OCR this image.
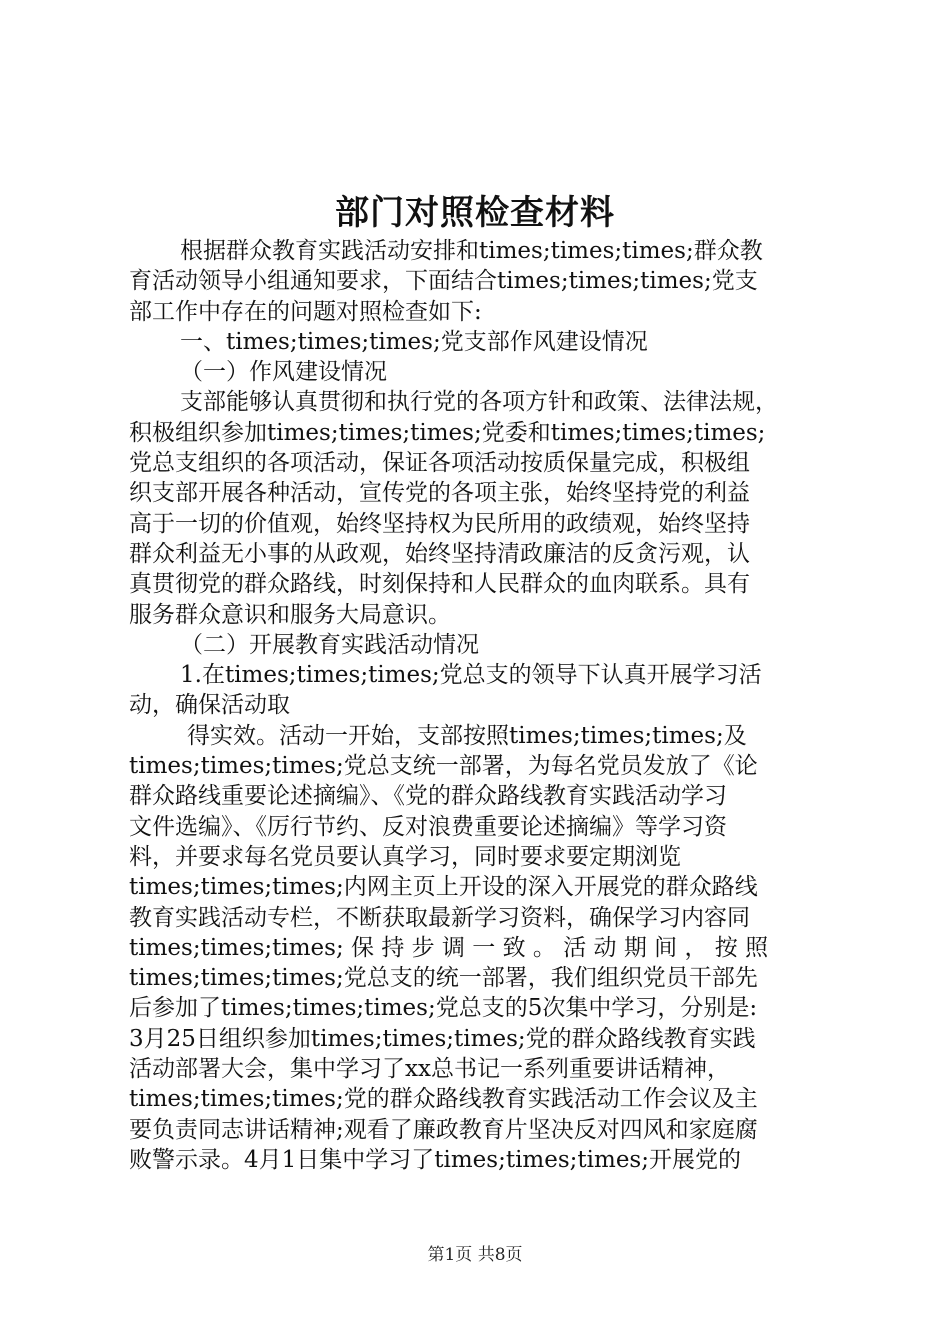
部门对照检查材料
根据群众教育实践活动安排和times;times;times;群众教
育活动领导小组通知要求，下面结合times;times;times;党支
部工作中存在的问题对照检查如下:
一、times;times;times;党支部作风建设情况
（一）作风建设情况
支部能够认真贯彻和执行党的各项方针和政策、法律法规，
积极组织参加times;times;times;党委和times;times;times;
党总支组织的各项活动，保证各项活动按质保量完成，积极组
织支部开展各种活动，宣传党的各项主张，始终坚持党的利益
高于一切的价值观，始终坚持权为民所用的政绩观，始终坚持
群众利益无小事的从政观，始终坚持清政廉洁的反贪污观，认
真贯彻党的群众路线，时刻保持和人民群众的血肉联系。具有
服务群众意识和服务大局意识。
（二）开展教育实践活动情况
1.在times;times;times;党总支的领导下认真开展学习活
动，确保活动取
得实效。活动一开始，支部按照times;times;times;及
times;times;times;党总支统一部署，为每名党员发放了《论
群众路线重要论述摘编》、《党的群众路线教育实践活动学习
文件选编》、《厉行节约、反对浪费重要论述摘编》等学习资
料，并要求每名党员要认真学习，同时要求要定期浏览
times;times;times;内网主页上开设的深入开展党的群众路线
教育实践活动专栏，不断获取最新学习资料，确保学习内容同
times;times;times; 保 持 步 调 一 致 。 活 动 期 间 ， 按 照
times;times;times;党总支的统一部署，我们组织党员干部先
后参加了times;times;times;党总支的5次集中学习，分别是:
3月25日组织参加times;times;times;党的群众路线教育实践
活动部署大会，集中学习了xx总书记一系列重要讲话精神，
times;times;times;党的群众路线教育实践活动工作会议及主
要负责同志讲话精神;观看了廉政教育片坚决反对四风和家庭腐
败警示录。4月1日集中学习了times;times;times;开展党的
第1页 共8页
